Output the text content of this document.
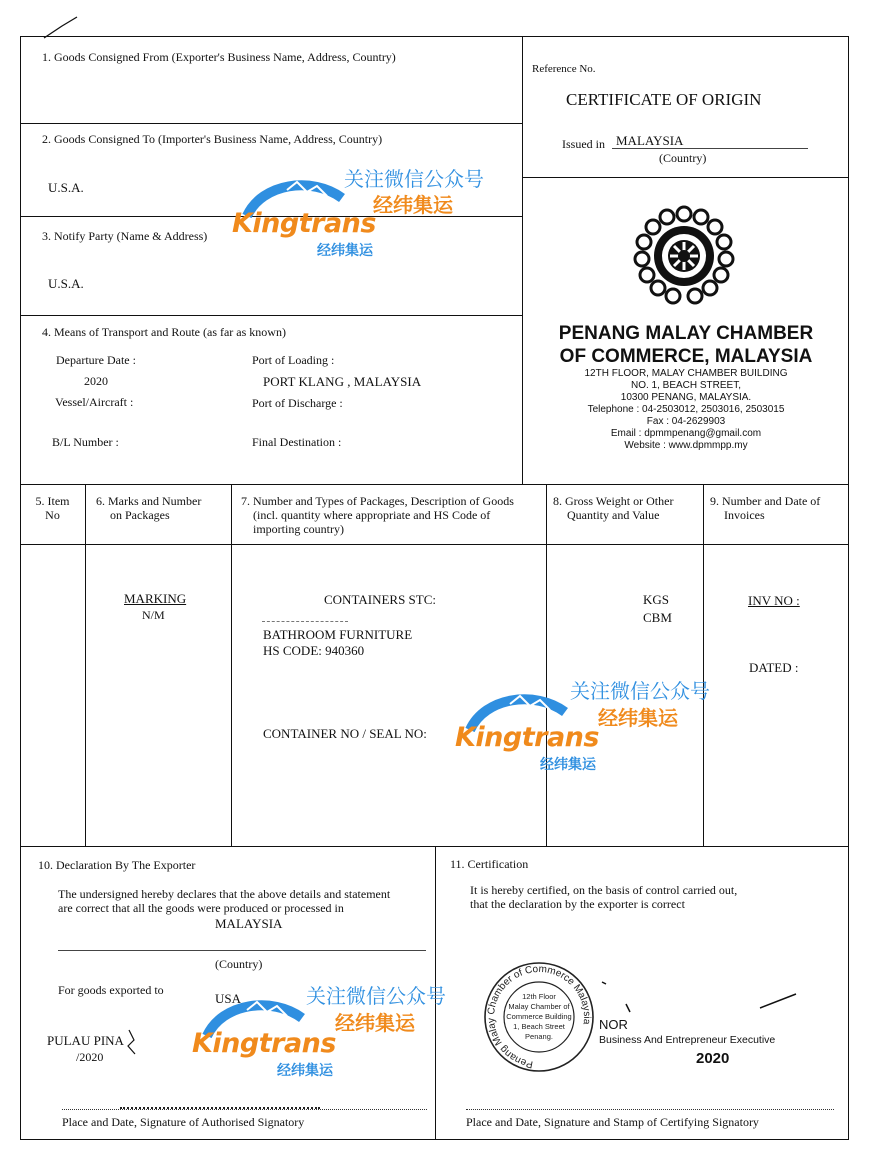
1. Goods Consigned From (Exporter's Business Name, Address, Country)
2. Goods Consigned To (Importer's Business Name, Address, Country)
U.S.A.
3. Notify Party (Name & Address)
U.S.A.
4. Means of Transport and Route (as far as known)
Departure Date :
2020
Port of Loading :
PORT KLANG , MALAYSIA
Vessel/Aircraft :	Port of Discharge :
B/L Number :	Final Destination :
Reference No.
CERTIFICATE OF ORIGIN
Issued in MALAYSIA
(Country)
PENANG MALAY CHAMBER
OF COMMERCE, MALAYSIA
12TH FLOOR, MALAY CHAMBER BUILDING
NO. 1, BEACH STREET,
10300 PENANG, MALAYSIA.
Telephone : 04-2503012, 2503016, 2503015
Fax : 04-2629903
Email : dpmmpenang@gmail.com
Website : www.dpmmpp.my
5. Item
No
6. Marks and Number
on Packages
7. Number and Types of Packages, Description of Goods
(incl. quantity where appropriate and HS Code of
importing country)
8. Gross Weight or Other
Quantity and Value
9. Number and Date of
Invoices
MARKING
N/M
CONTAINERS STC:
BATHROOM FURNITURE
HS CODE: 940360
CONTAINER NO / SEAL NO:
KGS
CBM
INV NO :
DATED :
10. Declaration By The Exporter
The undersigned hereby declares that the above details and statement
are correct that all the goods were produced or processed in
MALAYSIA
(Country)
For goods exported to
USA
PULAU PINA
/2020
Place and Date, Signature of Authorised Signatory
11. Certification
It is hereby certified, on the basis of control carried out,
that the declaration by the exporter is correct
Penang Malay Chamber of Commerce Malaysia
12th Floor
Malay Chamber of
Commerce Building
1, Beach Street
Penang.
NOR
Business And Entrepreneur Executive
2020
Place and Date, Signature and Stamp of Certifying Signatory
关注微信公众号
经纬集运
Kingtrans
经纬集运
关注微信公众号
经纬集运
Kingtrans
经纬集运
关注微信公众号
经纬集运
Kingtrans
经纬集运
